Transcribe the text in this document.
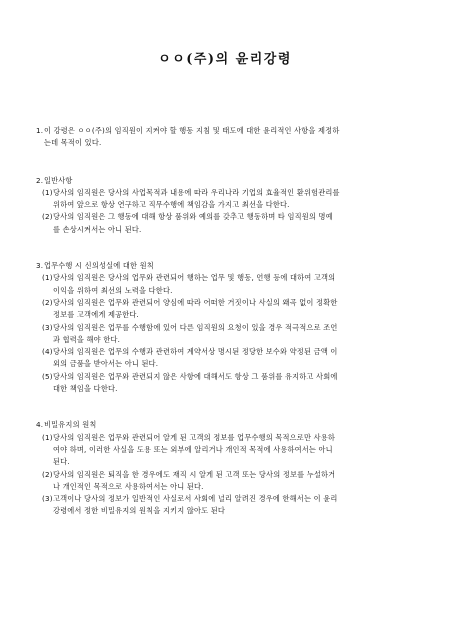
ㅇㅇ(주)의 윤리강령
1. 이 강령은 ㅇㅇ(주)의 임직원이 지켜야 할 행동 지침 및 태도에 대한 윤리적인 사항을 제정하
는데 목적이 있다.
2. 일반사항
(1) 당사의 임직원은 당사의 사업목적과 내용에 따라 우리나라 기업의 효율적인 환위험관리를
위하여 앞으로 항상 연구하고 직무수행에 책임감을 가지고 최선을 다한다.
(2) 당사의 임직원은 그 행동에 대해 항상 품위와 예의를 갖추고 행동하며 타 임직원의 명예
를 손상시켜서는 아니 된다.
3. 업무수행 시 신의성실에 대한 원칙
(1) 당사의 임직원은 당사의 업무와 관련되어 행하는 업무 및 행동, 언행 등에 대하여 고객의
이익을 위하여 최선의 노력을 다한다.
(2) 당사의 임직원은 업무와 관련되어 양심에 따라 어떠한 거짓이나 사실의 왜곡 없이 정확한
정보를 고객에게 제공한다.
(3) 당사의 임직원은 업무를 수행함에 있어 다른 임직원의 요청이 있을 경우 적극적으로 조언
과 협력을 해야 한다.
(4) 당사의 임직원은 업무의 수행과 관련하여 계약서상 명시된 정당한 보수와 약정된 금액 이
외의 금품을 받아서는 아니 된다.
(5) 당사의 임직원은 업무와 관련되지 않은 사항에 대해서도 항상 그 품위를 유지하고 사회에
대한 책임을 다한다.
4. 비밀유지의 원칙
(1) 당사의 임직원은 업무와 관련되어 알게 된 고객의 정보를 업무수행의 목적으로만 사용하
여야 하며, 이러한 사실을 도용 또는 외부에 알리거나 개인적 목적에 사용하여서는 아니
된다.
(2) 당사의 임직원은 퇴직을 한 경우에도 재직 시 알게 된 고객 또는 당사의 정보를 누설하거
나 개인적인 목적으로 사용하여서는 아니 된다.
(3) 고객이나 당사의 정보가 일반적인 사실로서 사회에 널리 알려진 경우에 한해서는 이 윤리
강령에서 정한 비밀유지의 원칙을 지키지 않아도 된다
